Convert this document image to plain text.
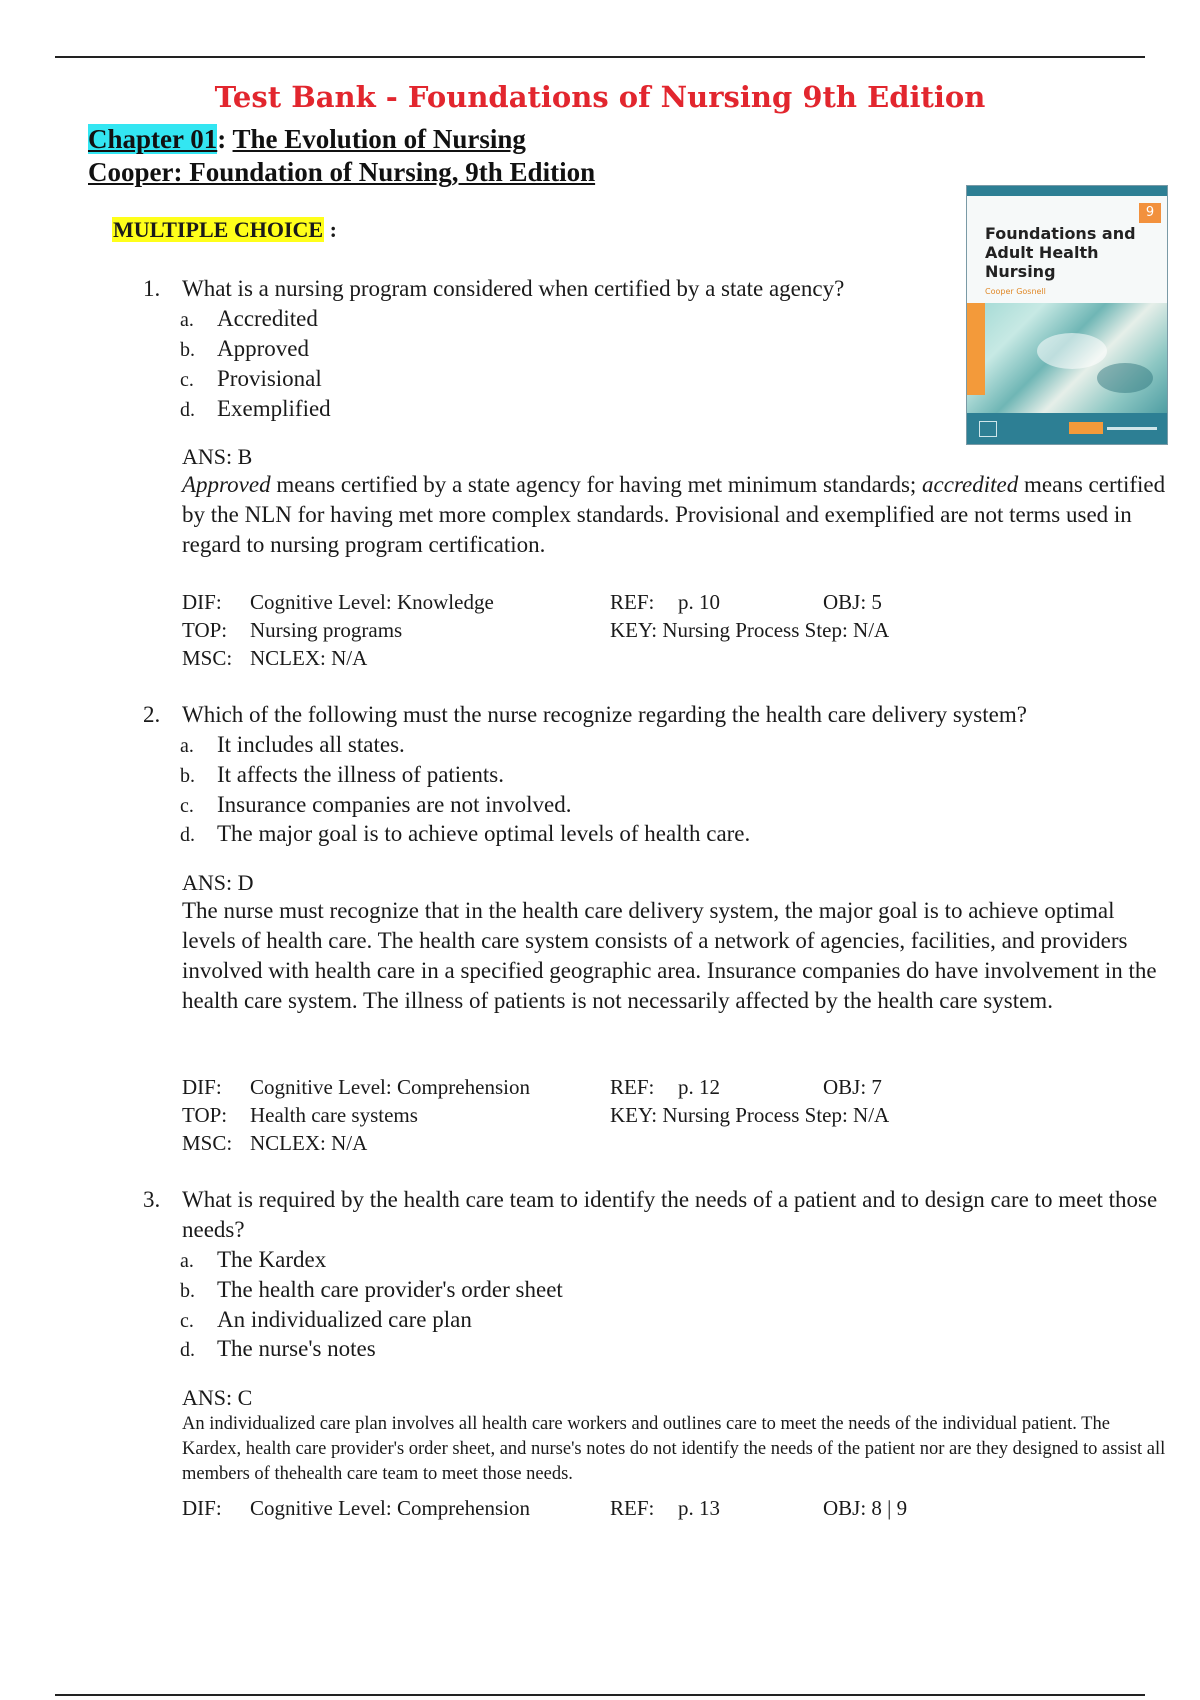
Test Bank - Foundations of Nursing 9th Edition
Chapter 01: The Evolution of Nursing
Cooper: Foundation of Nursing, 9th Edition
MULTIPLE CHOICE :
9
Foundations and Adult Health Nursing
Cooper Gosnell
1. What is a nursing program considered when certified by a state agency?
a. Accredited
b. Approved
c. Provisional
d. Exemplified
ANS: B
Approved means certified by a state agency for having met minimum standards; accredited means certified by the NLN for having met more complex standards. Provisional and exemplified are not terms used in regard to nursing program certification.
DIF: Cognitive Level: Knowledge	REF: p. 10	OBJ: 5
TOP: Nursing programs	KEY: Nursing Process Step: N/A
MSC: NCLEX: N/A
2. Which of the following must the nurse recognize regarding the health care delivery system?
a. It includes all states.
b. It affects the illness of patients.
c. Insurance companies are not involved.
d. The major goal is to achieve optimal levels of health care.
ANS: D
The nurse must recognize that in the health care delivery system, the major goal is to achieve optimal levels of health care. The health care system consists of a network of agencies, facilities, and providers involved with health care in a specified geographic area. Insurance companies do have involvement in the health care system. The illness of patients is not necessarily affected by the health care system.
DIF: Cognitive Level: Comprehension	REF: p. 12	OBJ: 7
TOP: Health care systems	KEY: Nursing Process Step: N/A
MSC: NCLEX: N/A
3. What is required by the health care team to identify the needs of a patient and to design care to meet those needs?
a. The Kardex
b. The health care provider's order sheet
c. An individualized care plan
d. The nurse's notes
ANS: C
An individualized care plan involves all health care workers and outlines care to meet the needs of the individual patient. The Kardex, health care provider's order sheet, and nurse's notes do not identify the needs of the patient nor are they designed to assist all members of thehealth care team to meet those needs.
DIF: Cognitive Level: Comprehension	REF: p. 13	OBJ: 8 | 9
